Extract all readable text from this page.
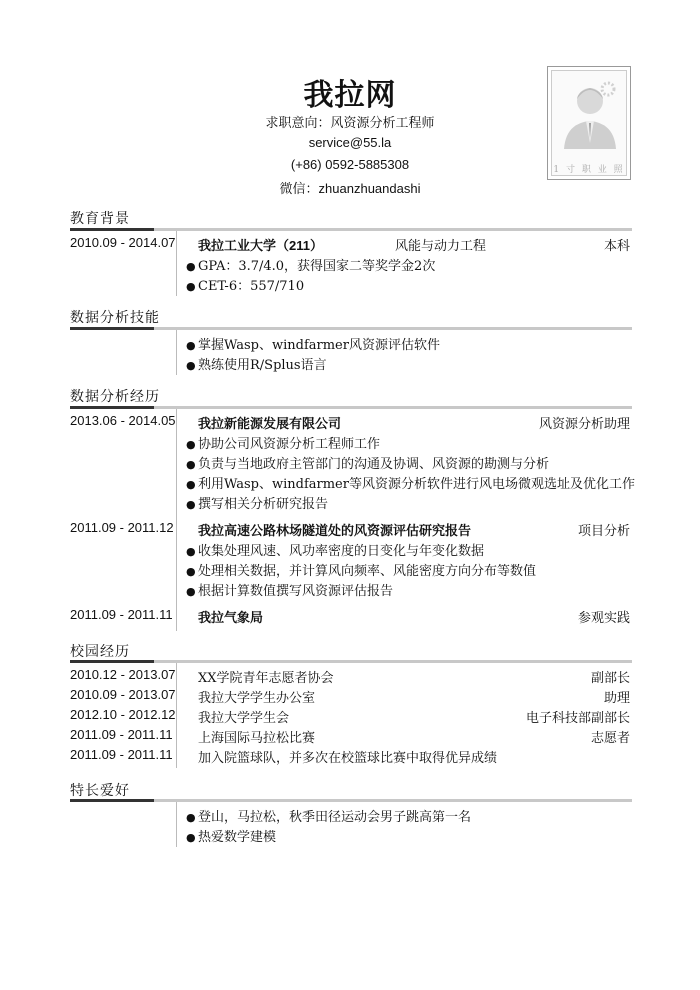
我拉网
求职意向：风资源分析工程师
service@55.la
(+86) 0592-5885308
微信：zhuanzhuandashi
1 寸 职 业 照
教育背景
2010.09 - 2014.07 我拉工业大学（211）	风能与动力工程	本科
● GPA：3.7/4.0，获得国家二等奖学金2次
● CET-6：557/710
数据分析技能
● 掌握Wasp、windfarmer风资源评估软件
● 熟练使用R/Splus语言
数据分析经历
2013.06 - 2014.05 我拉新能源发展有限公司	风资源分析助理
● 协助公司风资源分析工程师工作
● 负责与当地政府主管部门的沟通及协调、风资源的勘测与分析
● 利用Wasp、windfarmer等风资源分析软件进行风电场微观选址及优化工作
● 撰写相关分析研究报告
2011.09 - 2011.12 我拉高速公路林场隧道处的风资源评估研究报告	项目分析
● 收集处理风速、风功率密度的日变化与年变化数据
● 处理相关数据，并计算风向频率、风能密度方向分布等数值
● 根据计算数值撰写风资源评估报告
2011.09 - 2011.11 我拉气象局	参观实践
校园经历
2010.12 - 2013.07 XX学院青年志愿者协会	副部长
2010.09 - 2013.07 我拉大学学生办公室	助理
2012.10 - 2012.12 我拉大学学生会	电子科技部副部长
2011.09 - 2011.11 上海国际马拉松比赛	志愿者
2011.09 - 2011.11 加入院篮球队，并多次在校篮球比赛中取得优异成绩
特长爱好
● 登山，马拉松，秋季田径运动会男子跳高第一名
● 热爱数学建模
